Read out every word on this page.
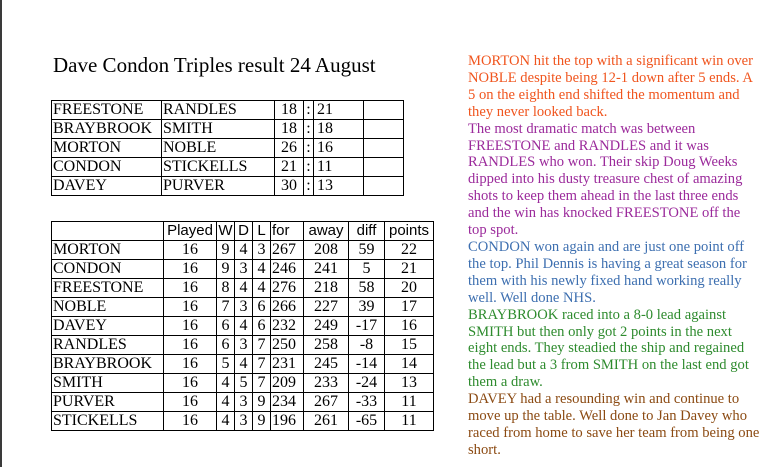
Dave Condon Triples result 24 August
FREESTONE	RANDLES	18	:	21	
BRAYBROOK	SMITH	18	:	18	
MORTON	NOBLE	26	:	16	
CONDON	STICKELLS	21	:	11	
DAVEY	PURVER	30	:	13	
	Played	W	D	L	for	away	diff	points
MORTON	16	9	4	3	267	208	59	22
CONDON	16	9	3	4	246	241	5	21
FREESTONE	16	8	4	4	276	218	58	20
NOBLE	16	7	3	6	266	227	39	17
DAVEY	16	6	4	6	232	249	-17	16
RANDLES	16	6	3	7	250	258	-8	15
BRAYBROOK	16	5	4	7	231	245	-14	14
SMITH	16	4	5	7	209	233	-24	13
PURVER	16	4	3	9	234	267	-33	11
STICKELLS	16	4	3	9	196	261	-65	11

MORTON hit the top with a significant win over NOBLE despite being 12-1 down after 5 ends. A 5 on the eighth end shifted the momentum and they never looked back.

The most dramatic match was between FREESTONE and RANDLES and it was RANDLES who won. Their skip Doug Weeks dipped into his dusty treasure chest of amazing shots to keep them ahead in the last three ends and the win has knocked FREESTONE off the top spot.

CONDON won again and are just one point off the top. Phil Dennis is having a great season for them with his newly fixed hand working really well. Well done NHS.

BRAYBROOK raced into a 8-0 lead against SMITH but then only got 2 points in the next eight ends. They steadied the ship and regained the lead but a 3 from SMITH on the last end got them a draw.

DAVEY had a resounding win and continue to move up the table. Well done to Jan Davey who raced from home to save her team from being one short.
